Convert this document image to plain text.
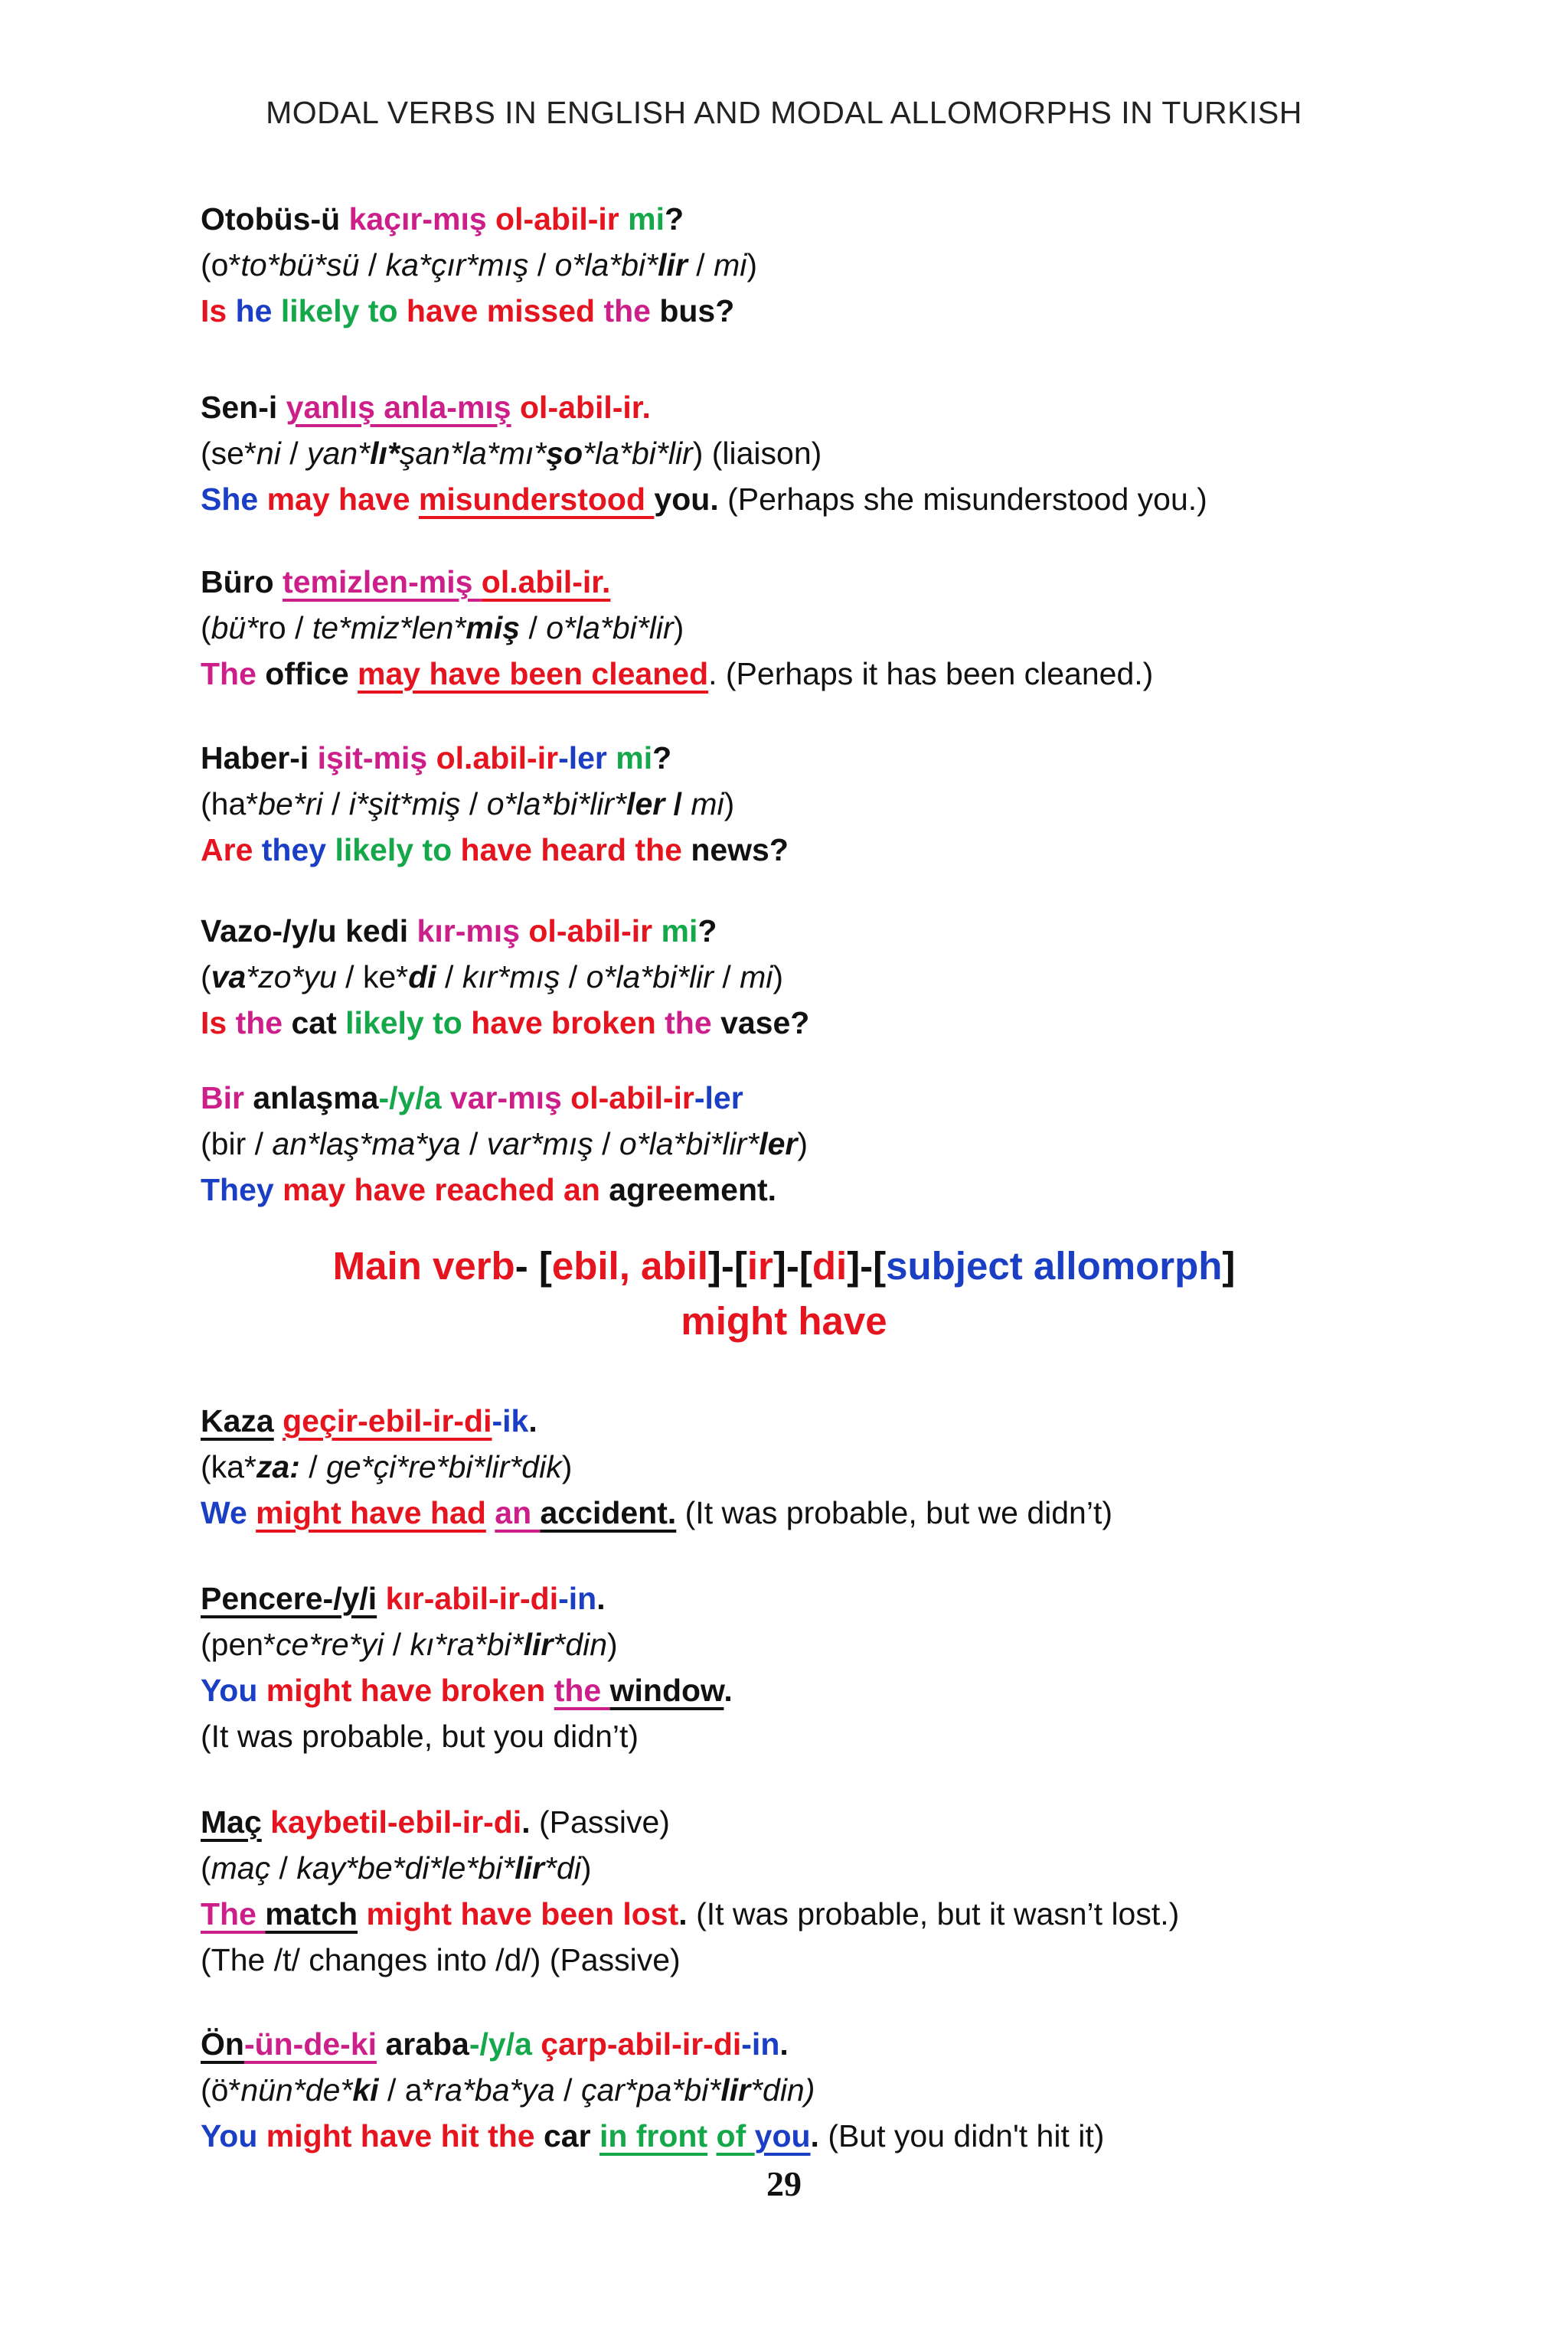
MODAL VERBS IN ENGLISH AND MODAL ALLOMORPHS IN TURKISH
Otobüs-ü kaçır-mış ol-abil-ir mi?
(o*to*bü*sü / ka*çır*mış / o*la*bi*lir / mi)
Is he likely to have missed the bus?
Sen-i yanlış anla-mış ol-abil-ir.
(se*ni / yan*lı*şan*la*mı*şo*la*bi*lir) (liaison)
She may have misunderstood you. (Perhaps she misunderstood you.)
Büro temizlen-miş ol.abil-ir.
(bü*ro / te*miz*len*miş / o*la*bi*lir)
The office may have been cleaned. (Perhaps it has been cleaned.)
Haber-i işit-miş ol.abil-ir-ler mi?
(ha*be*ri / i*şit*miş / o*la*bi*lir*ler / mi)
Are they likely to have heard the news?
Vazo-/y/u kedi kır-mış ol-abil-ir mi?
(va*zo*yu / ke*di / kır*mış / o*la*bi*lir / mi)
Is the cat likely to have broken the vase?
Bir anlaşma-/y/a var-mış ol-abil-ir-ler
(bir / an*laş*ma*ya / var*mış / o*la*bi*lir*ler)
They may have reached an agreement.
Main verb- [ebil, abil]-[ir]-[di]-[subject allomorph]
might have
Kaza geçir-ebil-ir-di-ik.
(ka*za: / ge*çi*re*bi*lir*dik)
We might have had an accident. (It was probable, but we didn’t)
Pencere-/y/i kır-abil-ir-di-in.
(pen*ce*re*yi / kı*ra*bi*lir*din)
You might have broken the window.
(It was probable, but you didn’t)
Maç kaybetil-ebil-ir-di. (Passive)
(maç / kay*be*di*le*bi*lir*di)
The match might have been lost. (It was probable, but it wasn’t lost.)
(The /t/ changes into /d/) (Passive)
Ön-ün-de-ki araba-/y/a çarp-abil-ir-di-in.
(ö*nün*de*ki / a*ra*ba*ya / çar*pa*bi*lir*din)
You might have hit the car in front of you. (But you didn't hit it)
29
